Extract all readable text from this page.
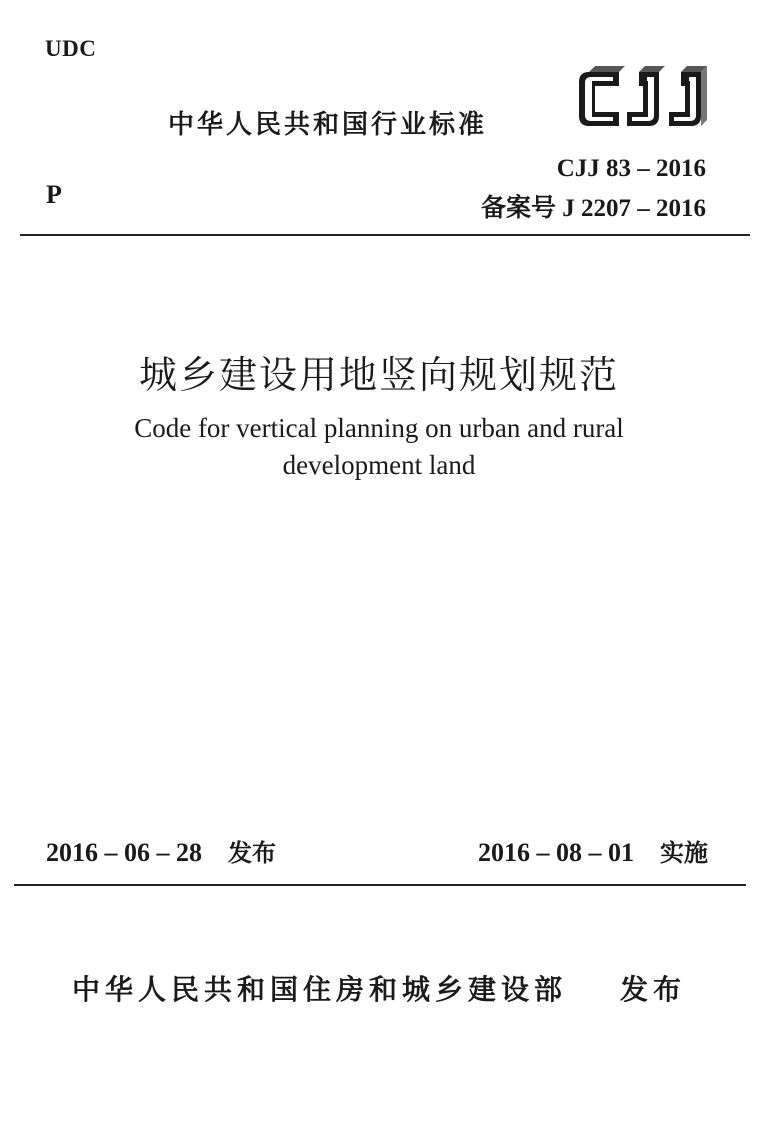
UDC
中华人民共和国行业标准
CJJ 83 – 2016
备案号 J 2207 – 2016
P
城乡建设用地竖向规划规范
Code for vertical planning on urban and rural
development land
2016 – 06 – 28 发布	2016 – 08 – 01 实施
中华人民共和国住房和城乡建设部 发布
